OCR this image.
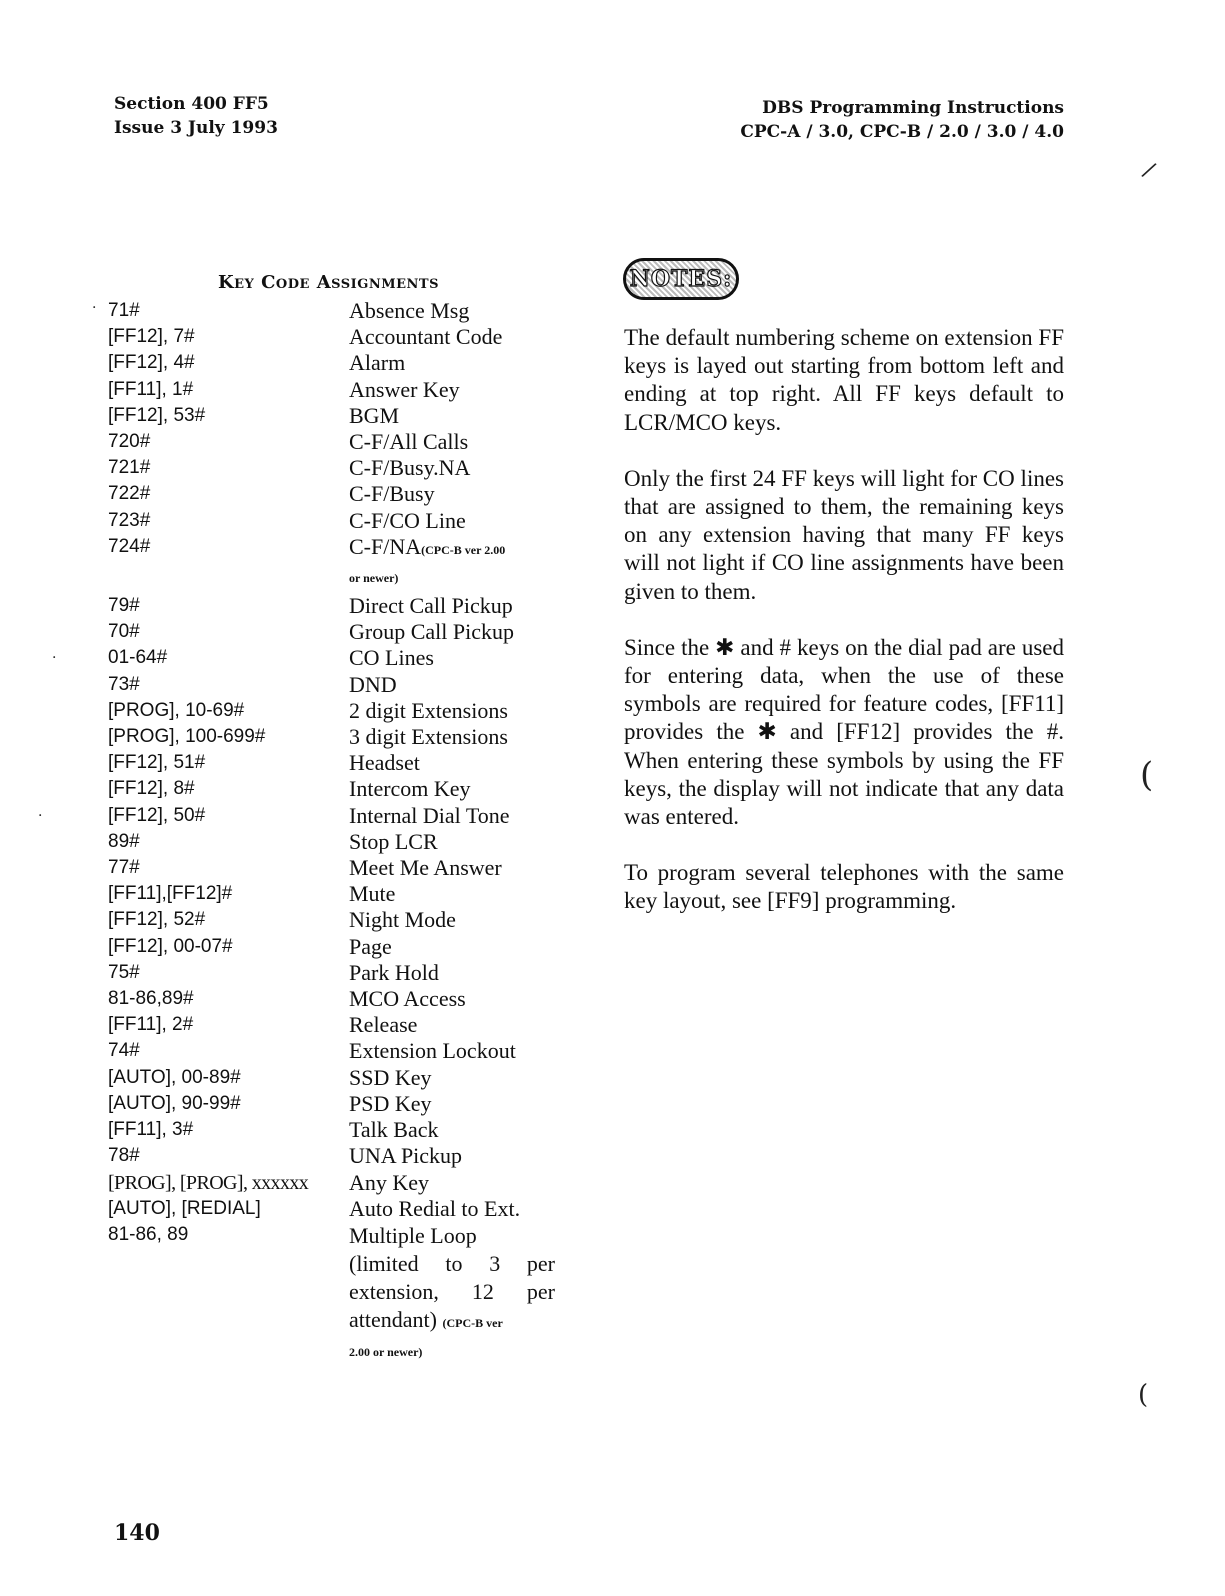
Section 400 FF5
Issue 3 July 1993
DBS Programming Instructions
CPC-A / 3.0, CPC-B / 2.0 / 3.0 / 4.0
Key Code Assignments
71#	Absence Msg
[FF12], 7#	Accountant Code
[FF12], 4#	Alarm
[FF11], 1#	Answer Key
[FF12], 53#	BGM
720#	C-F/All Calls
721#	C-F/Busy.NA
722#	C-F/Busy
723#	C-F/CO Line
724#	C-F/NA(CPC-B ver 2.00
or newer)
79#	Direct Call Pickup
70#	Group Call Pickup
01-64#	CO Lines
73#	DND
[PROG], 10-69#	2 digit Extensions
[PROG], 100-699#	3 digit Extensions
[FF12], 51#	Headset
[FF12], 8#	Intercom Key
[FF12], 50#	Internal Dial Tone
89#	Stop LCR
77#	Meet Me Answer
[FF11],[FF12]#	Mute
[FF12], 52#	Night Mode
[FF12], 00-07#	Page
75#	Park Hold
81-86,89#	MCO Access
[FF11], 2#	Release
74#	Extension Lockout
[AUTO], 00-89#	SSD Key
[AUTO], 90-99#	PSD Key
[FF11], 3#	Talk Back
78#	UNA Pickup
[PROG], [PROG], xxxxxx	Any Key
[AUTO], [REDIAL]	Auto Redial to Ext.
81-86, 89	Multiple Loop
(limited to 3 per
extension, 12 per
attendant) (CPC-B ver
2.00 or newer)
NOTES:

The default numbering scheme on extension FF keys is layed out starting from bottom left and ending at top right. All FF keys default to LCR/MCO keys.

Only the first 24 FF keys will light for CO lines that are assigned to them, the remaining keys on any extension having that many FF keys will not light if CO line assignments have been given to them.

Since the ✱ and # keys on the dial pad are used for entering data, when the use of these symbols are required for feature codes, [FF11] provides the ✱ and [FF12] provides the #. When entering these symbols by using the FF keys, the display will not indicate that any data was entered.

To program several telephones with the same key layout, see [FF9] programming.

140
/
(
(
·
·
·
